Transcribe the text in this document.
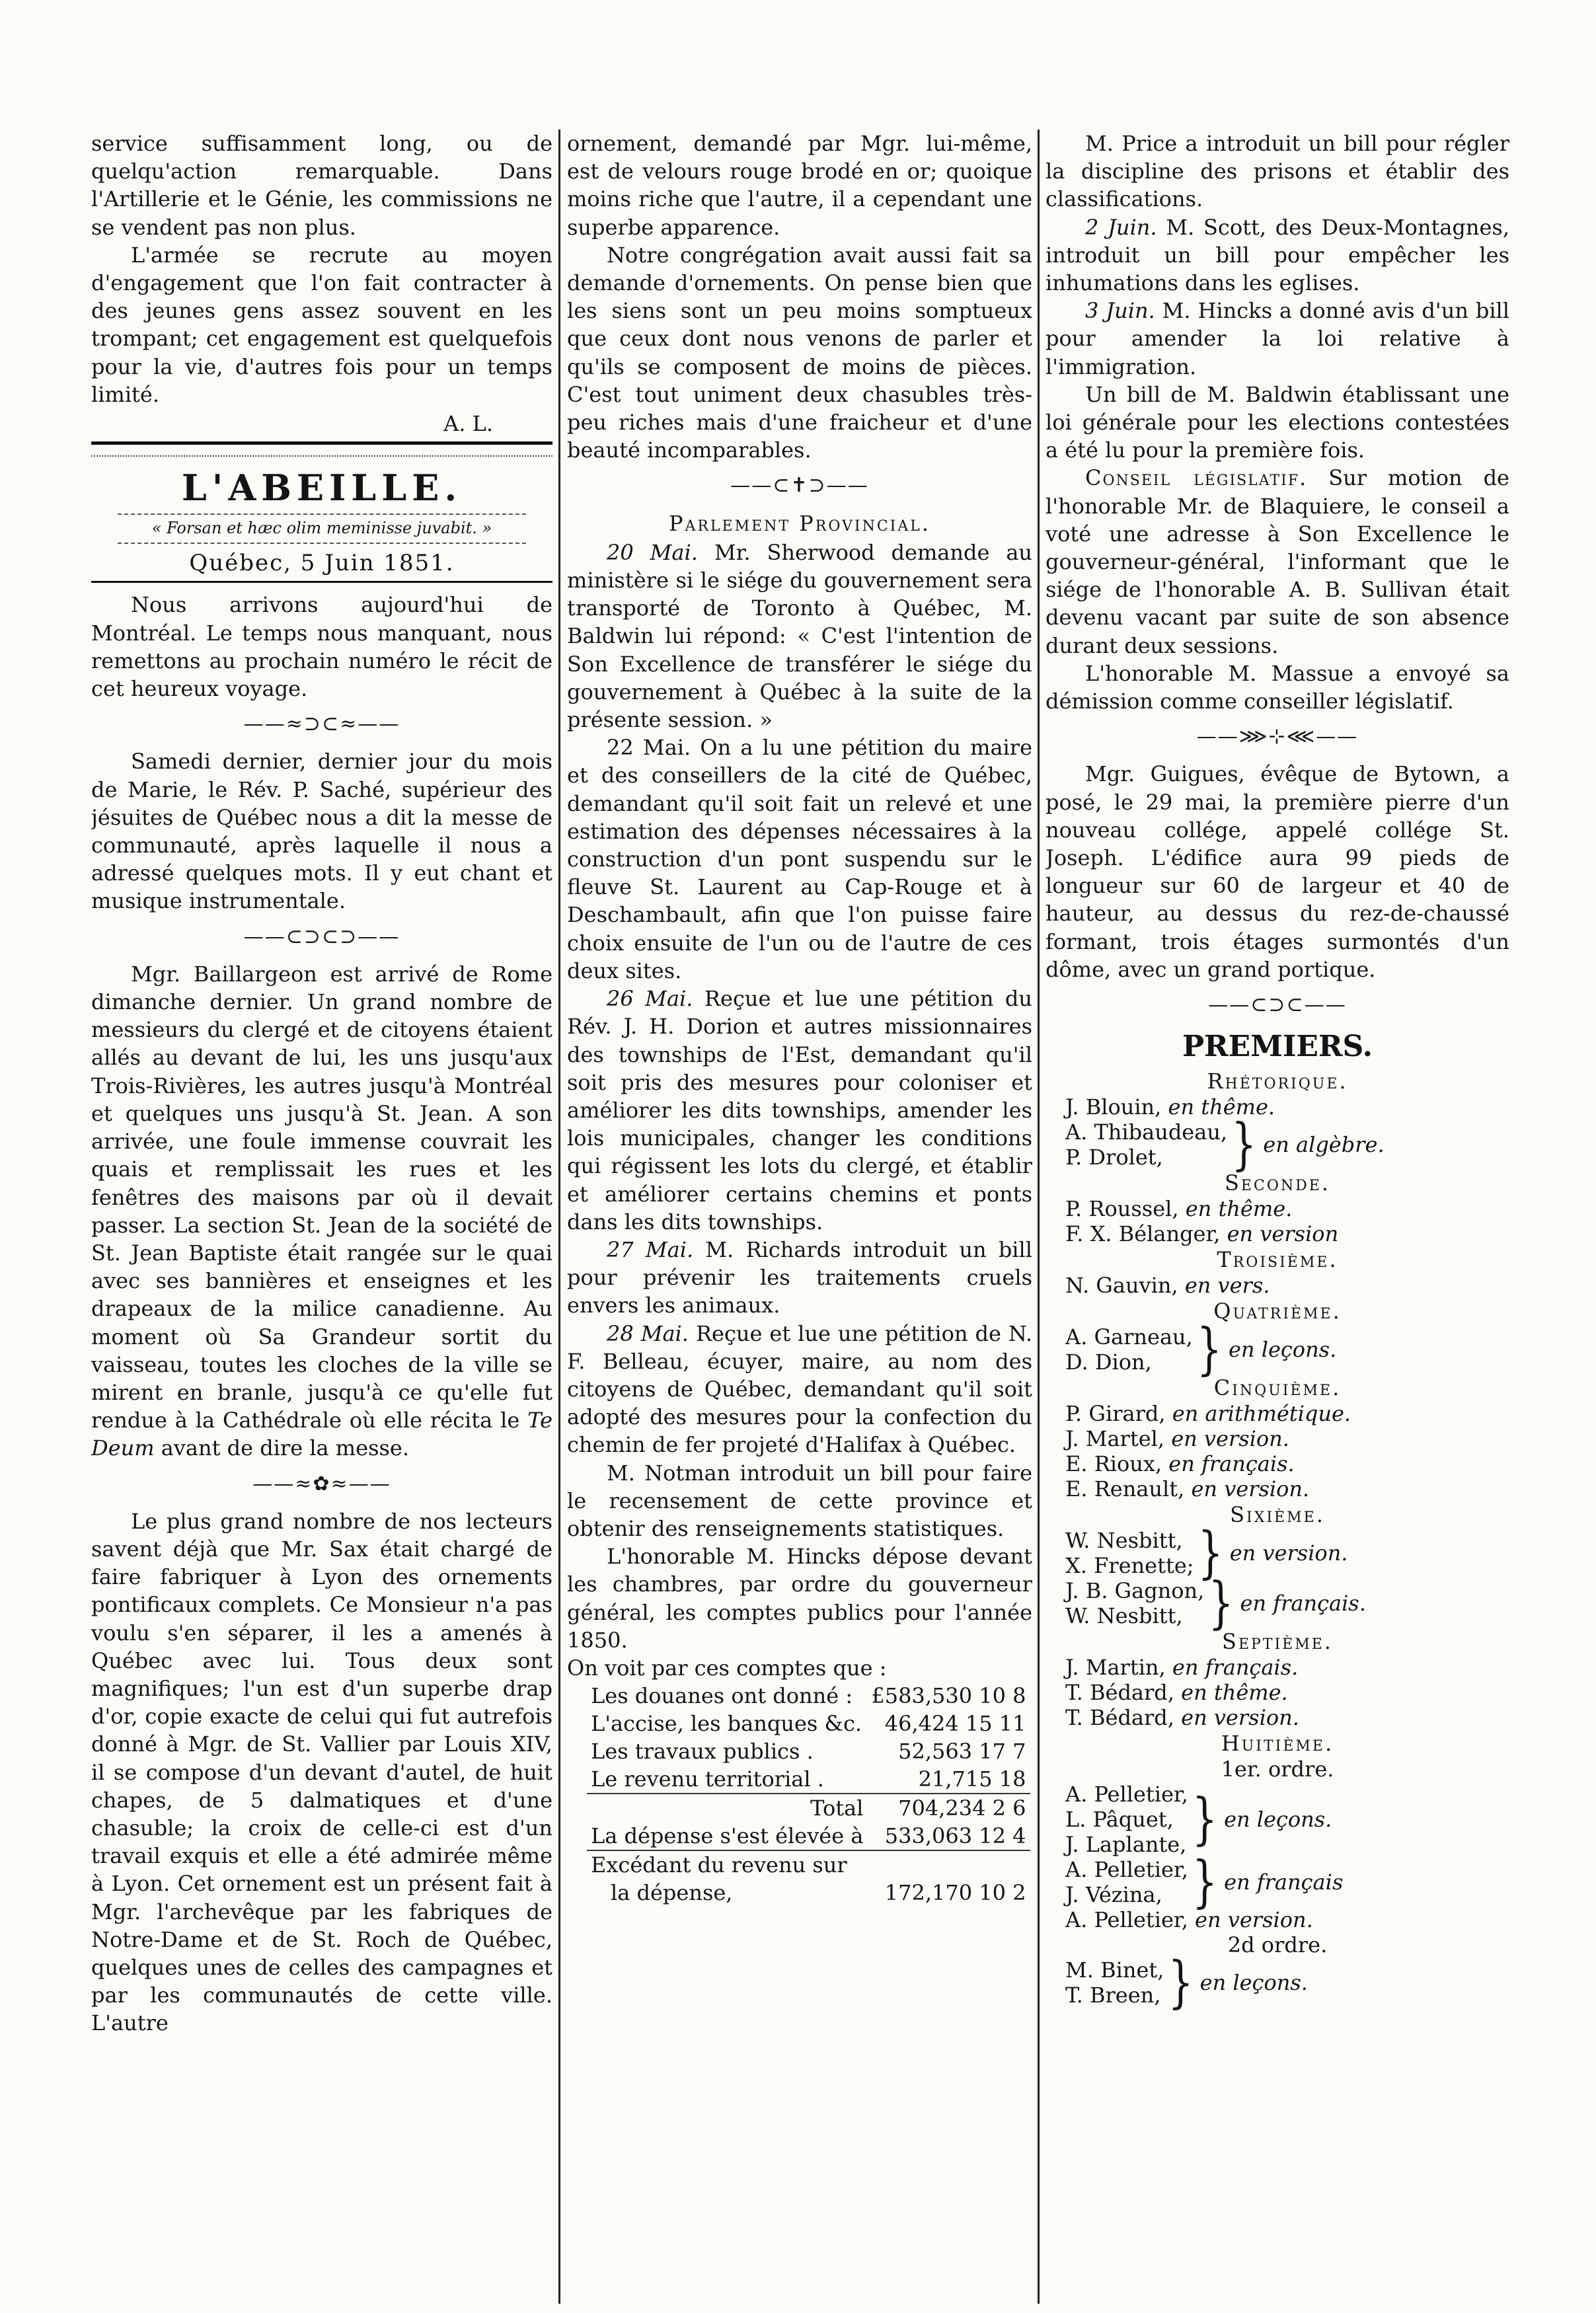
service suffisamment long, ou de quelqu'action remarquable. Dans l'Artillerie et le Génie, les commissions ne se vendent pas non plus.

L'armée se recrute au moyen d'engagement que l'on fait contracter à des jeunes gens assez souvent en les trompant; cet engagement est quelquefois pour la vie, d'autres fois pour un temps limité.

A. L.
L'ABEILLE.
« Forsan et hæc olim meminisse juvabit. »
Québec, 5 Juin 1851.

Nous arrivons aujourd'hui de Montréal. Le temps nous manquant, nous remettons au prochain numéro le récit de cet heureux voyage.

——≈⊃⊂≈——

Samedi dernier, dernier jour du mois de Marie, le Rév. P. Saché, supérieur des jésuites de Québec nous a dit la messe de communauté, après laquelle il nous a adressé quelques mots. Il y eut chant et musique instrumentale.

——⊂⊃⊂⊃——

Mgr. Baillargeon est arrivé de Rome dimanche dernier. Un grand nombre de messieurs du clergé et de citoyens étaient allés au devant de lui, les uns jusqu'aux Trois-Rivières, les autres jusqu'à Montréal et quelques uns jusqu'à St. Jean. A son arrivée, une foule immense couvrait les quais et remplissait les rues et les fenêtres des maisons par où il devait passer. La section St. Jean de la société de St. Jean Baptiste était rangée sur le quai avec ses bannières et enseignes et les drapeaux de la milice canadienne. Au moment où Sa Grandeur sortit du vaisseau, toutes les cloches de la ville se mirent en branle, jusqu'à ce qu'elle fut rendue à la Cathédrale où elle récita le Te Deum avant de dire la messe.

——≈✿≈——

Le plus grand nombre de nos lecteurs savent déjà que Mr. Sax était chargé de faire fabriquer à Lyon des ornements pontificaux complets. Ce Monsieur n'a pas voulu s'en séparer, il les a amenés à Québec avec lui. Tous deux sont magnifiques; l'un est d'un superbe drap d'or, copie exacte de celui qui fut autrefois donné à Mgr. de St. Vallier par Louis XIV, il se compose d'un devant d'autel, de huit chapes, de 5 dalmatiques et d'une chasuble; la croix de celle-ci est d'un travail exquis et elle a été admirée même à Lyon. Cet ornement est un présent fait à Mgr. l'archevêque par les fabriques de Notre-Dame et de St. Roch de Québec, quelques unes de celles des campagnes et par les communautés de cette ville. L'autre

ornement, demandé par Mgr. lui-même, est de velours rouge brodé en or; quoique moins riche que l'autre, il a cependant une superbe apparence.

Notre congrégation avait aussi fait sa demande d'ornements. On pense bien que les siens sont un peu moins somptueux que ceux dont nous venons de parler et qu'ils se composent de moins de pièces. C'est tout uniment deux chasubles très-peu riches mais d'une fraicheur et d'une beauté incomparables.

——⊂✝⊃——
Parlement Provincial.

20 Mai. Mr. Sherwood demande au ministère si le siége du gouvernement sera transporté de Toronto à Québec, M. Baldwin lui répond: « C'est l'intention de Son Excellence de transférer le siége du gouvernement à Québec à la suite de la présente session. »

22 Mai. On a lu une pétition du maire et des conseillers de la cité de Québec, demandant qu'il soit fait un relevé et une estimation des dépenses nécessaires à la construction d'un pont suspendu sur le fleuve St. Laurent au Cap-Rouge et à Deschambault, afin que l'on puisse faire choix ensuite de l'un ou de l'autre de ces deux sites.

26 Mai. Reçue et lue une pétition du Rév. J. H. Dorion et autres missionnaires des townships de l'Est, demandant qu'il soit pris des mesures pour coloniser et améliorer les dits townships, amender les lois municipales, changer les conditions qui régissent les lots du clergé, et établir et améliorer certains chemins et ponts dans les dits townships.

27 Mai. M. Richards introduit un bill pour prévenir les traitements cruels envers les animaux.

28 Mai. Reçue et lue une pétition de N. F. Belleau, écuyer, maire, au nom des citoyens de Québec, demandant qu'il soit adopté des mesures pour la confection du chemin de fer projeté d'Halifax à Québec.

M. Notman introduit un bill pour faire le recensement de cette province et obtenir des renseignements statistiques.

L'honorable M. Hincks dépose devant les chambres, par ordre du gouverneur général, les comptes publics pour l'année 1850.

On voit par ces comptes que :

Les douanes ont donné :	£583,530 10 8
L'accise, les banques &c.	46,424 15 11
Les travaux publics .	52,563 17 7
Le revenu territorial .	21,715 18
Total	704,234 2 6
La dépense s'est élevée à	533,063 12 4
Excédant du revenu sur	
la dépense,	172,170 10 2

M. Price a introduit un bill pour régler la discipline des prisons et établir des classifications.

2 Juin. M. Scott, des Deux-Montagnes, introduit un bill pour empêcher les inhumations dans les eglises.

3 Juin. M. Hincks a donné avis d'un bill pour amender la loi relative à l'immigration.

Un bill de M. Baldwin établissant une loi générale pour les elections contestées a été lu pour la première fois.

Conseil législatif. Sur motion de l'honorable Mr. de Blaquiere, le conseil a voté une adresse à Son Excellence le gouverneur-général, l'informant que le siége de l'honorable A. B. Sullivan était devenu vacant par suite de son absence durant deux sessions.

L'honorable M. Massue a envoyé sa démission comme conseiller législatif.

——⋙⊹⋘——

Mgr. Guigues, évêque de Bytown, a posé, le 29 mai, la première pierre d'un nouveau collége, appelé collége St. Joseph. L'édifice aura 99 pieds de longueur sur 60 de largeur et 40 de hauteur, au dessus du rez-de-chaussé formant, trois étages surmontés d'un dôme, avec un grand portique.

——⊂⊃⊂——
PREMIERS.
Rhétorique.
J. Blouin, en thême.
A. Thibaudeau,
P. Drolet,	} en algèbre.
Seconde.
P. Roussel, en thême.
F. X. Bélanger, en version
Troisième.
N. Gauvin, en vers.
Quatrième.
A. Garneau,
D. Dion,	} en leçons.
Cinquième.
P. Girard, en arithmétique.
J. Martel, en version.
E. Rioux, en français.
E. Renault, en version.
Sixième.
W. Nesbitt,
X. Frenette; } en version.
J. B. Gagnon,
W. Nesbitt, } en français.
Septième.
J. Martin, en français.
T. Bédard, en thême.
T. Bédard, en version.
Huitième.
1er. ordre.
A. Pelletier,
L. Pâquet,
J. Laplante, } en leçons.
A. Pelletier,
J. Vézina, } en français
A. Pelletier, en version.
2d ordre.
M. Binet,
T. Breen, } en leçons.
